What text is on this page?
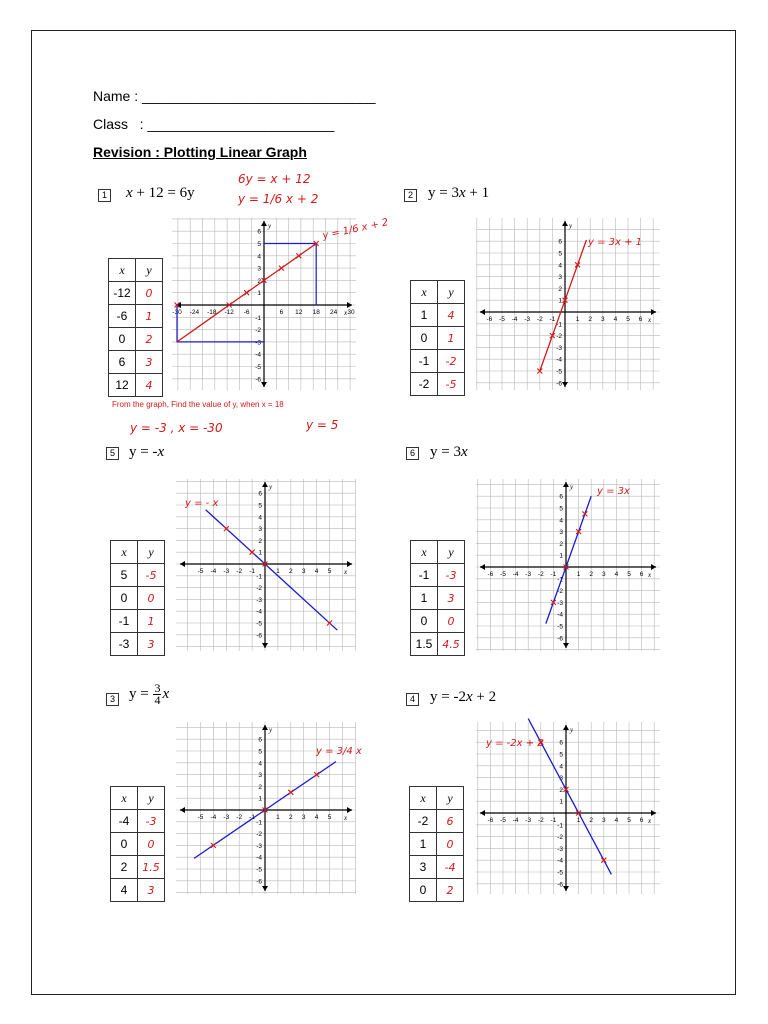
Name : ______________________________
Class   : ________________________
Revision : Plotting Linear Graph
1 x + 12 = 6y
6y = x + 12
y = 1/6 x + 2
x	y
-12	0
-6	1
0	2
6	3
12	4
x
y
-30 -24 -18 -12 -6	6 12 18 24 30
6
5
4
3
2
1
-1
-2
-3
-4
-5
-6
y = 1/6 x + 2
From the graph, Find the value of y, when x = 18
y = -3 , x = -30	y = 5
2 y = 3x + 1
x	y
1	4
0	1
-1	-2
-2	-5
x
y
-6 -5 -4 -3 -2 -1	1 2 3 4 5 6
6
5
4
3
2
1
-1
-2
-3
-4
-5
-6
y = 3x + 1
5 y = -x
x	y
5	-5
0	0
-1	1
-3	3
x
y
-5 -4 -3 -2 -1	1 2 3 4 5
6
5
4
3
2
1
-1
-2
-3
-4
-5
-6
y = - x
6 y = 3x
x	y
-1	-3
1	3
0	0
1.5	4.5
x
y
-6 -5 -4 -3 -2 -1	1 2 3 4 5 6
6
5
4
3
2
1
-1
-2
-3
-4
-5
-6
y = 3x
3 $y = \frac{3}{4}$ x
x	y
-4	-3
0	0
2	1.5
4	3
x
y
-5 -4 -3 -2 -1	1 2 3 4 5
6
5
4
3
2
1
-1
-2
-3
-4
-5
-6
y = 3/4 x
4 y = -2x + 2
x	y
-2	6
1	0
3	-4
0	2
x
y
-6 -5 -4 -3 -2 -1	1 2 3 4 5 6
6
5
4
3
2
1
-1
-2
-3
-4
-5
-6
y = -2x + 2
